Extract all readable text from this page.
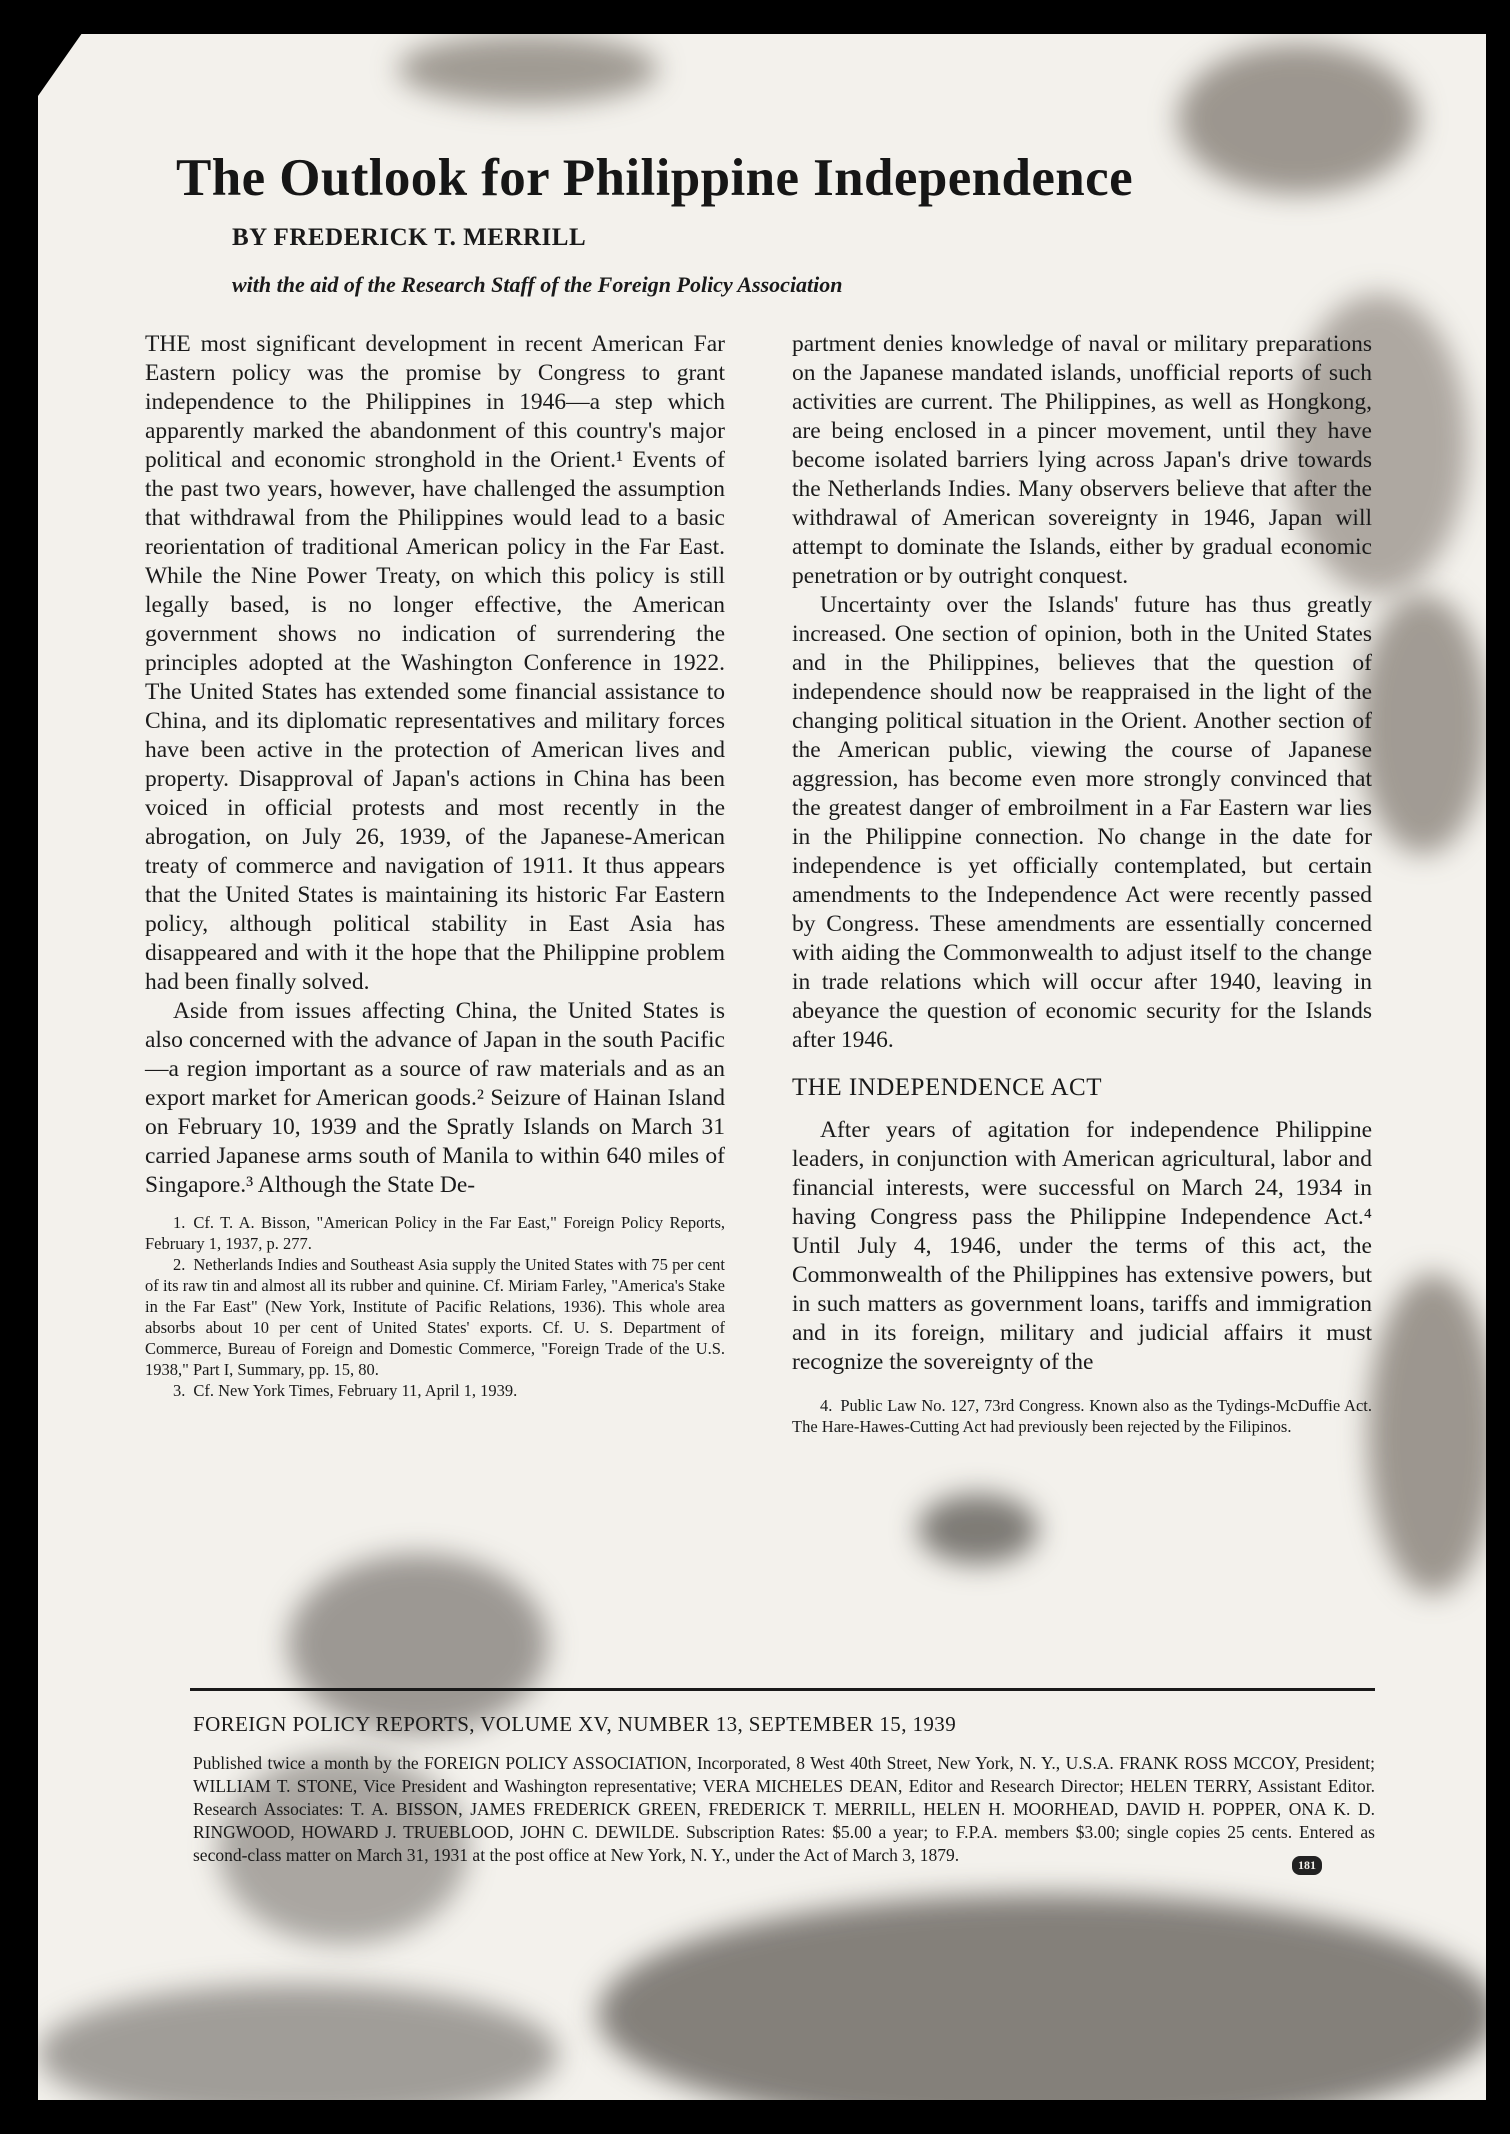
The Outlook for Philippine Independence

BY FREDERICK T. MERRILL

with the aid of the Research Staff of the Foreign Policy Association

THE most significant development in recent American Far Eastern policy was the promise by Congress to grant independence to the Philippines in 1946—a step which apparently marked the abandonment of this country's major political and economic stronghold in the Orient.¹ Events of the past two years, however, have challenged the assumption that withdrawal from the Philippines would lead to a basic reorientation of traditional American policy in the Far East. While the Nine Power Treaty, on which this policy is still legally based, is no longer effective, the American government shows no indication of surrendering the principles adopted at the Washington Conference in 1922. The United States has extended some financial assistance to China, and its diplomatic representatives and military forces have been active in the protection of American lives and property. Disapproval of Japan's actions in China has been voiced in official protests and most recently in the abrogation, on July 26, 1939, of the Japanese-American treaty of commerce and navigation of 1911. It thus appears that the United States is maintaining its historic Far Eastern policy, although political stability in East Asia has disappeared and with it the hope that the Philippine problem had been finally solved.

Aside from issues affecting China, the United States is also concerned with the advance of Japan in the south Pacific—a region important as a source of raw materials and as an export market for American goods.² Seizure of Hainan Island on February 10, 1939 and the Spratly Islands on March 31 carried Japanese arms south of Manila to within 640 miles of Singapore.³ Although the State De-

1. Cf. T. A. Bisson, "American Policy in the Far East," Foreign Policy Reports, February 1, 1937, p. 277.

2. Netherlands Indies and Southeast Asia supply the United States with 75 per cent of its raw tin and almost all its rubber and quinine. Cf. Miriam Farley, "America's Stake in the Far East" (New York, Institute of Pacific Relations, 1936). This whole area absorbs about 10 per cent of United States' exports. Cf. U. S. Department of Commerce, Bureau of Foreign and Domestic Commerce, "Foreign Trade of the U.S. 1938," Part I, Summary, pp. 15, 80.

3. Cf. New York Times, February 11, April 1, 1939.

partment denies knowledge of naval or military preparations on the Japanese mandated islands, unofficial reports of such activities are current. The Philippines, as well as Hongkong, are being enclosed in a pincer movement, until they have become isolated barriers lying across Japan's drive towards the Netherlands Indies. Many observers believe that after the withdrawal of American sovereignty in 1946, Japan will attempt to dominate the Islands, either by gradual economic penetration or by outright conquest.

Uncertainty over the Islands' future has thus greatly increased. One section of opinion, both in the United States and in the Philippines, believes that the question of independence should now be reappraised in the light of the changing political situation in the Orient. Another section of the American public, viewing the course of Japanese aggression, has become even more strongly convinced that the greatest danger of embroilment in a Far Eastern war lies in the Philippine connection. No change in the date for independence is yet officially contemplated, but certain amendments to the Independence Act were recently passed by Congress. These amendments are essentially concerned with aiding the Commonwealth to adjust itself to the change in trade relations which will occur after 1940, leaving in abeyance the question of economic security for the Islands after 1946.

THE INDEPENDENCE ACT

After years of agitation for independence Philippine leaders, in conjunction with American agricultural, labor and financial interests, were successful on March 24, 1934 in having Congress pass the Philippine Independence Act.⁴ Until July 4, 1946, under the terms of this act, the Commonwealth of the Philippines has extensive powers, but in such matters as government loans, tariffs and immigration and in its foreign, military and judicial affairs it must recognize the sovereignty of the

4. Public Law No. 127, 73rd Congress. Known also as the Tydings-McDuffie Act. The Hare-Hawes-Cutting Act had previously been rejected by the Filipinos.

FOREIGN POLICY REPORTS, VOLUME XV, NUMBER 13, SEPTEMBER 15, 1939

Published twice a month by the FOREIGN POLICY ASSOCIATION, Incorporated, 8 West 40th Street, New York, N. Y., U.S.A. FRANK ROSS MCCOY, President; WILLIAM T. STONE, Vice President and Washington representative; VERA MICHELES DEAN, Editor and Research Director; HELEN TERRY, Assistant Editor. Research Associates: T. A. BISSON, JAMES FREDERICK GREEN, FREDERICK T. MERRILL, HELEN H. MOORHEAD, DAVID H. POPPER, ONA K. D. RINGWOOD, HOWARD J. TRUEBLOOD, JOHN C. DEWILDE. Subscription Rates: $5.00 a year; to F.P.A. members $3.00; single copies 25 cents. Entered as second-class matter on March 31, 1931 at the post office at New York, N. Y., under the Act of March 3, 1879.	181
